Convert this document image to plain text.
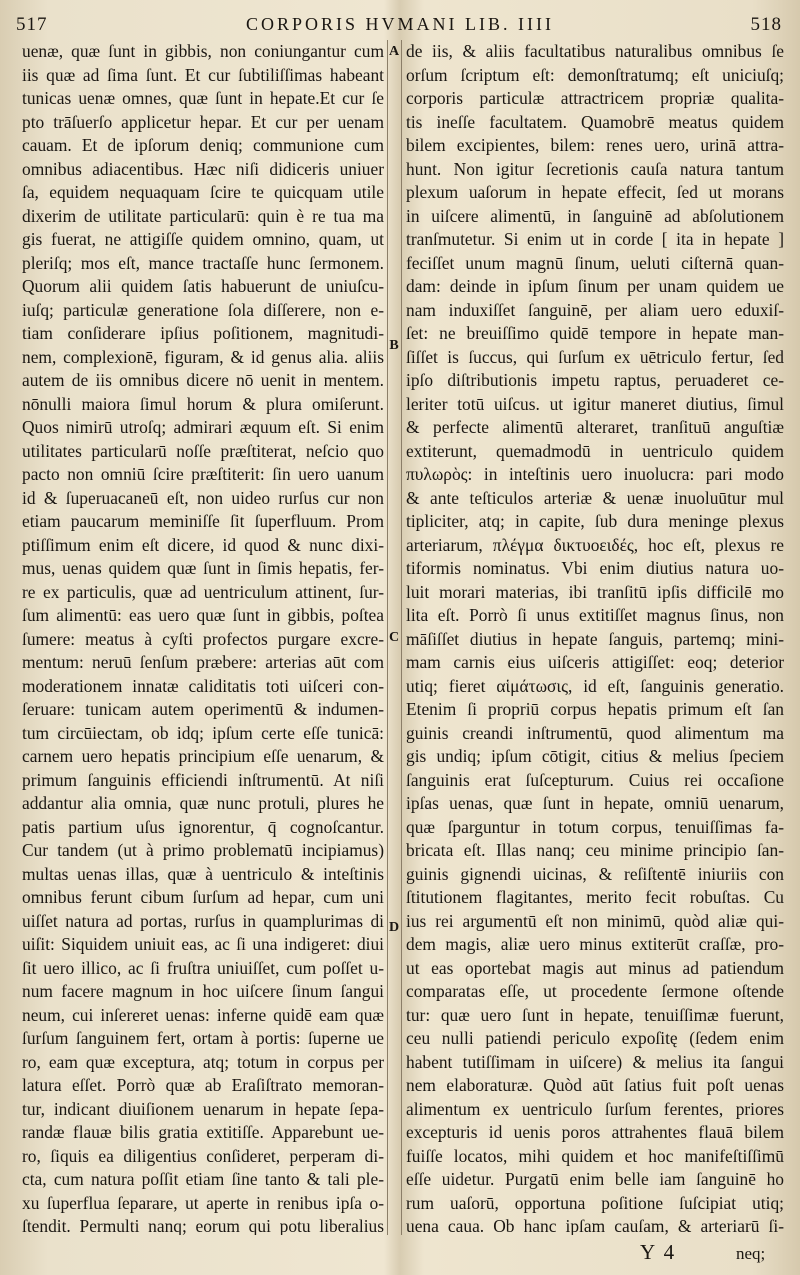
517	CORPORIS HVMANI LIB. IIII	518
A
B
C
D
uenæ, quæ ſunt in gibbis, non coniungantur cum
iis quæ ad ſima ſunt. Et cur ſubtiliſſimas habeant
tunicas uenæ omnes, quæ ſunt in hepate.Et cur ſe
pto trāſuerſo applicetur hepar. Et cur per uenam
cauam. Et de ipſorum deniq; communione cum
omnibus adiacentibus. Hæc niſi didiceris uniuer
ſa, equidem nequaquam ſcire te quicquam utile
dixerim de utilitate particularū: quin è re tua ma
gis fuerat, ne attigiſſe quidem omnino, quam, ut
pleriſq; mos eſt, mance tractaſſe hunc ſermonem.
Quorum alii quidem ſatis habuerunt de uniuſcu-
iuſq; particulæ generatione ſola diſſerere, non e-
tiam conſiderare ipſius poſitionem, magnitudi-
nem, complexionē, figuram, & id genus alia. aliis
autem de iis omnibus dicere nō uenit in mentem.
nōnulli maiora ſimul horum & plura omiſerunt.
Quos nimirū utroſq; admirari æquum eſt. Si enim
utilitates particularū noſſe præſtiterat, neſcio quo
pacto non omniū ſcire præſtiterit: ſin uero uanum
id & ſuperuacaneū eſt, non uideo rurſus cur non
etiam paucarum meminiſſe ſit ſuperfluum. Prom
ptiſſimum enim eſt dicere, id quod & nunc dixi-
mus, uenas quidem quæ ſunt in ſimis hepatis, fer-
re ex particulis, quæ ad uentriculum attinent, ſur-
ſum alimentū: eas uero quæ ſunt in gibbis, poſtea
ſumere: meatus à cyſti profectos purgare excre-
mentum: neruū ſenſum præbere: arterias aūt com
moderationem innatæ caliditatis toti uiſceri con-
ſeruare: tunicam autem operimentū & indumen-
tum circūiectam, ob idq; ipſum certe eſſe tunicā:
carnem uero hepatis principium eſſe uenarum, &
primum ſanguinis efficiendi inſtrumentū. At niſi
addantur alia omnia, quæ nunc protuli, plures he
patis partium uſus ignorentur, q̄ cognoſcantur.
Cur tandem (ut à primo problematū incipiamus)
multas uenas illas, quæ à uentriculo & inteſtinis
omnibus ferunt cibum ſurſum ad hepar, cum uni
uiſſet natura ad portas, rurſus in quamplurimas di
uiſit: Siquidem uniuit eas, ac ſi una indigeret: diui
ſit uero illico, ac ſi fruſtra uniuiſſet, cum poſſet u-
num facere magnum in hoc uiſcere ſinum ſangui
neum, cui inſereret uenas: inferne quidē eam quæ
ſurſum ſanguinem fert, ortam à portis: ſuperne ue
ro, eam quæ exceptura, atq; totum in corpus per
latura eſſet. Porrò quæ ab Eraſiſtrato memoran-
tur, indicant diuiſionem uenarum in hepate ſepa-
randæ flauæ bilis gratia extitiſſe. Apparebunt ue-
ro, ſiquis ea diligentius conſideret, perperam di-
cta, cum natura poſſit etiam ſine tanto & tali ple-
xu ſuperflua ſeparare, ut aperte in renibus ipſa o-
ſtendit. Permulti nanq; eorum qui potu liberalius
de iis, & aliis facultatibus naturalibus omnibus ſe
orſum ſcriptum eſt: demonſtratumq; eſt uniciuſq;
corporis particulæ attractricem propriæ qualita-
tis ineſſe facultatem. Quamobrē meatus quidem
bilem excipientes, bilem: renes uero, urinā attra-
hunt. Non igitur ſecretionis cauſa natura tantum
plexum uaſorum in hepate effecit, ſed ut morans
in uiſcere alimentū, in ſanguinē ad abſolutionem
tranſmutetur. Si enim ut in corde [ ita in hepate ]
feciſſet unum magnū ſinum, ueluti ciſternā quan-
dam: deinde in ipſum ſinum per unam quidem ue
nam induxiſſet ſanguinē, per aliam uero eduxiſ-
ſet: ne breuiſſimo quidē tempore in hepate man-
ſiſſet is ſuccus, qui ſurſum ex uētriculo fertur, ſed
ipſo diſtributionis impetu raptus, peruaderet ce-
leriter totū uiſcus. ut igitur maneret diutius, ſimul
& perfecte alimentū alteraret, tranſituū anguſtiæ
extiterunt, quemadmodū in uentriculo quidem
πυλωρὸς: in inteſtinis uero inuolucra: pari modo
& ante teſticulos arteriæ & uenæ inuoluūtur mul
tipliciter, atq; in capite, ſub dura meninge plexus
arteriarum, πλέγμα δικτυοειδές, hoc eſt, plexus re
tiformis nominatus. Vbi enim diutius natura uo-
luit morari materias, ibi tranſitū ipſis difficilē mo
lita eſt. Porrò ſi unus extitiſſet magnus ſinus, non
māſiſſet diutius in hepate ſanguis, partemq; mini-
mam carnis eius uiſceris attigiſſet: eoq; deterior
utiq; fieret αἱμάτωσις, id eſt, ſanguinis generatio.
Etenim ſi propriū corpus hepatis primum eſt ſan
guinis creandi inſtrumentū, quod alimentum ma
gis undiq; ipſum cōtigit, citius & melius ſpeciem
ſanguinis erat ſuſcepturum. Cuius rei occaſione
ipſas uenas, quæ ſunt in hepate, omniū uenarum,
quæ ſparguntur in totum corpus, tenuiſſimas fa-
bricata eſt. Illas nanq; ceu minime principio ſan-
guinis gignendi uicinas, & reſiſtentē iniuriis con
ſtitutionem flagitantes, merito fecit robuſtas. Cu
ius rei argumentū eſt non minimū, quòd aliæ qui-
dem magis, aliæ uero minus extiterūt craſſæ, pro-
ut eas oportebat magis aut minus ad patiendum
comparatas eſſe, ut procedente ſermone oſtende
tur: quæ uero ſunt in hepate, tenuiſſimæ fuerunt,
ceu nulli patiendi periculo expoſitę (ſedem enim
habent tutiſſimam in uiſcere) & melius ita ſangui
nem elaboraturæ. Quòd aūt ſatius fuit poſt uenas
alimentum ex uentriculo ſurſum ferentes, priores
excepturis id uenis poros attrahentes flauā bilem
fuiſſe locatos, mihi quidem et hoc manifeſtiſſimū
eſſe uidetur. Purgatū enim belle iam ſanguinē ho
rum uaſorū, opportuna poſitione ſuſcipiat utiq;
uena caua. Ob hanc ipſam cauſam, & arteriarū ſi-
Y 4	neq;
